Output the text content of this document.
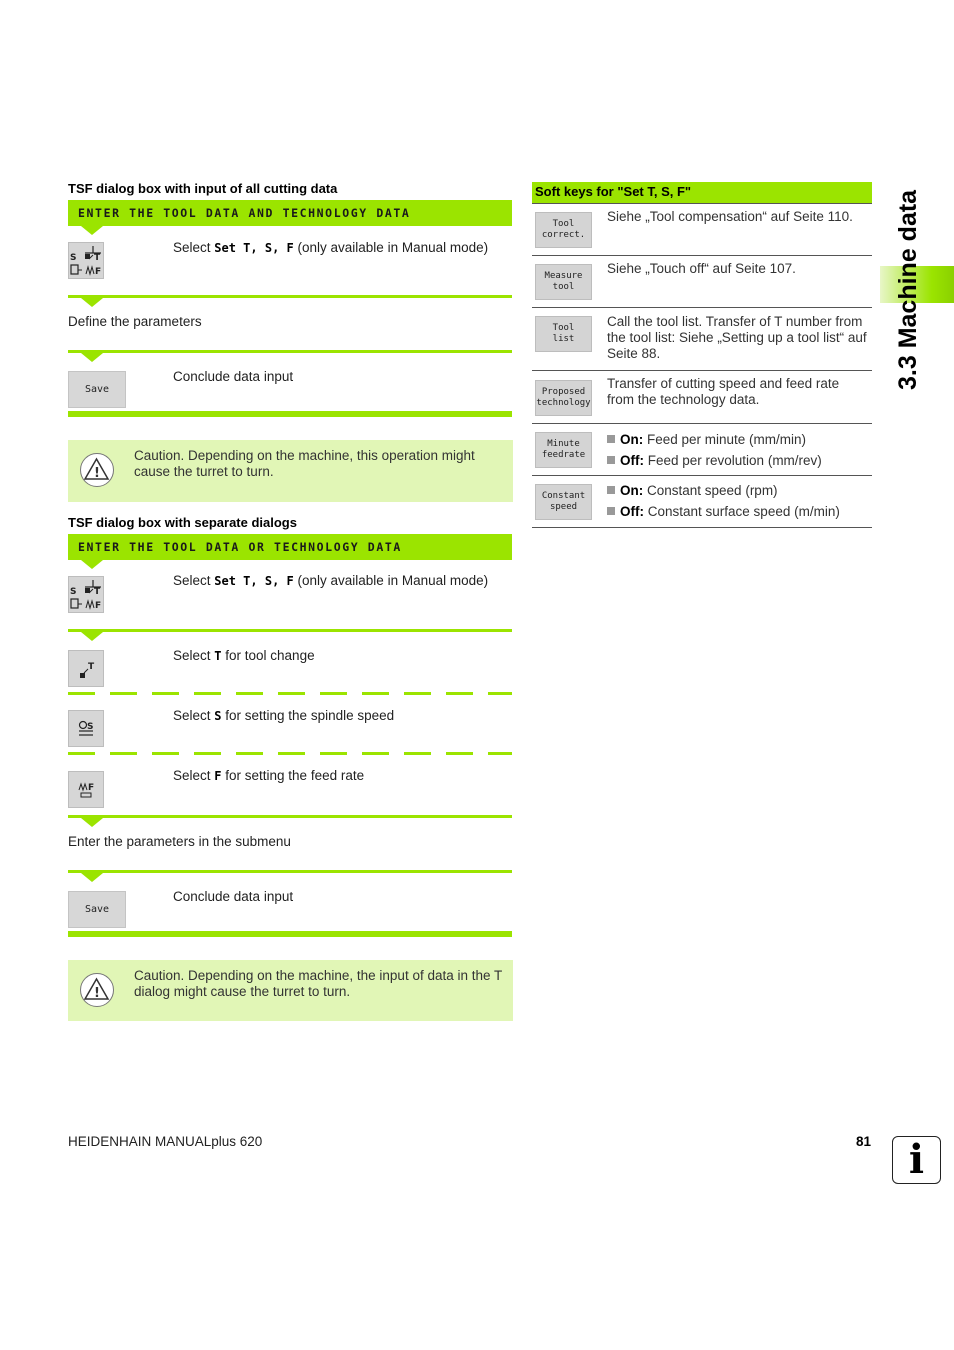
TSF dialog box with input of all cutting data
ENTER THE TOOL DATA AND TECHNOLOGY DATA
S T
F
Select Set T, S, F (only available in Manual mode)
Define the parameters
Save
Conclude data input
!
Caution. Depending on the machine, this operation might cause the turret to turn.
TSF dialog box with separate dialogs
ENTER THE TOOL DATA OR TECHNOLOGY DATA
S T
F
Select Set T, S, F (only available in Manual mode)
T
Select T for tool change
S
Select S for setting the spindle speed
F
Select F for setting the feed rate
Enter the parameters in the submenu
Save
Conclude data input
!
Caution. Depending on the machine, the input of data in the T dialog might cause the turret to turn.
Soft keys for "Set T, S, F"
Tool
correct.
Siehe „Tool compensation“ auf Seite 110.
Measure
tool
Siehe „Touch off“ auf Seite 107.
Tool
list
Call the tool list. Transfer of T number from the tool list: Siehe „Setting up a tool list“ auf Seite 88.
Proposed
technology
Transfer of cutting speed and feed rate from the technology data.
Minute
feedrate
On: Feed per minute (mm/min)
Off: Feed per revolution (mm/rev)
Constant
speed
On: Constant speed (rpm)
Off: Constant surface speed (m/min)
3.3 Machine data
HEIDENHAIN MANUALplus 620	81 i
